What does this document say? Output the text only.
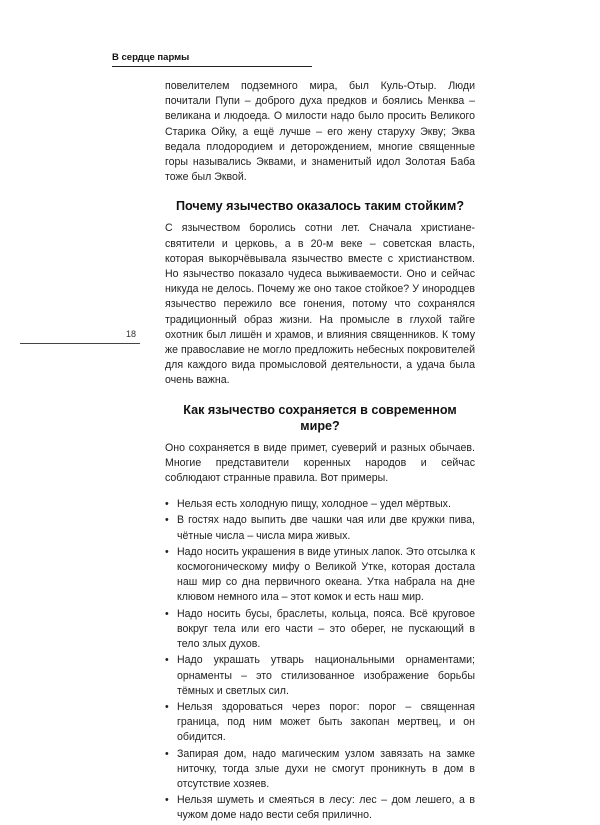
В сердце пармы
18

повелителем подземного мира, был Куль-Отыр. Люди почитали Пупи – доброго духа предков и боялись Менква – великана и людоеда. О милости надо было просить Великого Старика Ойку, а ещё лучше – его жену старуху Экву; Эква ведала плодородием и деторождением, многие священные горы назывались Эквами, и знаменитый идол Золотая Баба тоже был Эквой.

Почему язычество оказалось таким стойким?

С язычеством боролись сотни лет. Сначала христиане-святители и церковь, а в 20-м веке – советская власть, которая выкорчёвывала язычество вместе с христианством. Но язычество показало чудеса выживаемости. Оно и сейчас никуда не делось. Почему же оно такое стойкое? У инородцев язычество пережило все гонения, потому что сохранялся традиционный образ жизни. На промысле в глухой тайге охотник был лишён и храмов, и влияния священников. К тому же православие не могло предложить небесных покровителей для каждого вида промысловой деятельности, а удача была очень важна.

Как язычество сохраняется в современном мире?

Оно сохраняется в виде примет, суеверий и разных обычаев. Многие представители коренных народов и сейчас соблюдают странные правила. Вот примеры.

• Нельзя есть холодную пищу, холодное – удел мёртвых.
• В гостях надо выпить две чашки чая или две кружки пива, чётные числа – числа мира живых.
• Надо носить украшения в виде утиных лапок. Это отсылка к космогоническому мифу о Великой Утке, которая достала наш мир со дна первичного океана. Утка набрала на дне клювом немного ила – этот комок и есть наш мир.
• Надо носить бусы, браслеты, кольца, пояса. Всё круговое вокруг тела или его части – это оберег, не пускающий в тело злых духов.
• Надо украшать утварь национальными орнаментами; орнаменты – это стилизованное изображение борьбы тёмных и светлых сил.
• Нельзя здороваться через порог: порог – священная граница, под ним может быть закопан мертвец, и он обидится.
• Запирая дом, надо магическим узлом завязать на замке ниточку, тогда злые духи не смогут проникнуть в дом в отсутствие хозяев.
• Нельзя шуметь и смеяться в лесу: лес – дом лешего, а в чужом доме надо вести себя прилично.
